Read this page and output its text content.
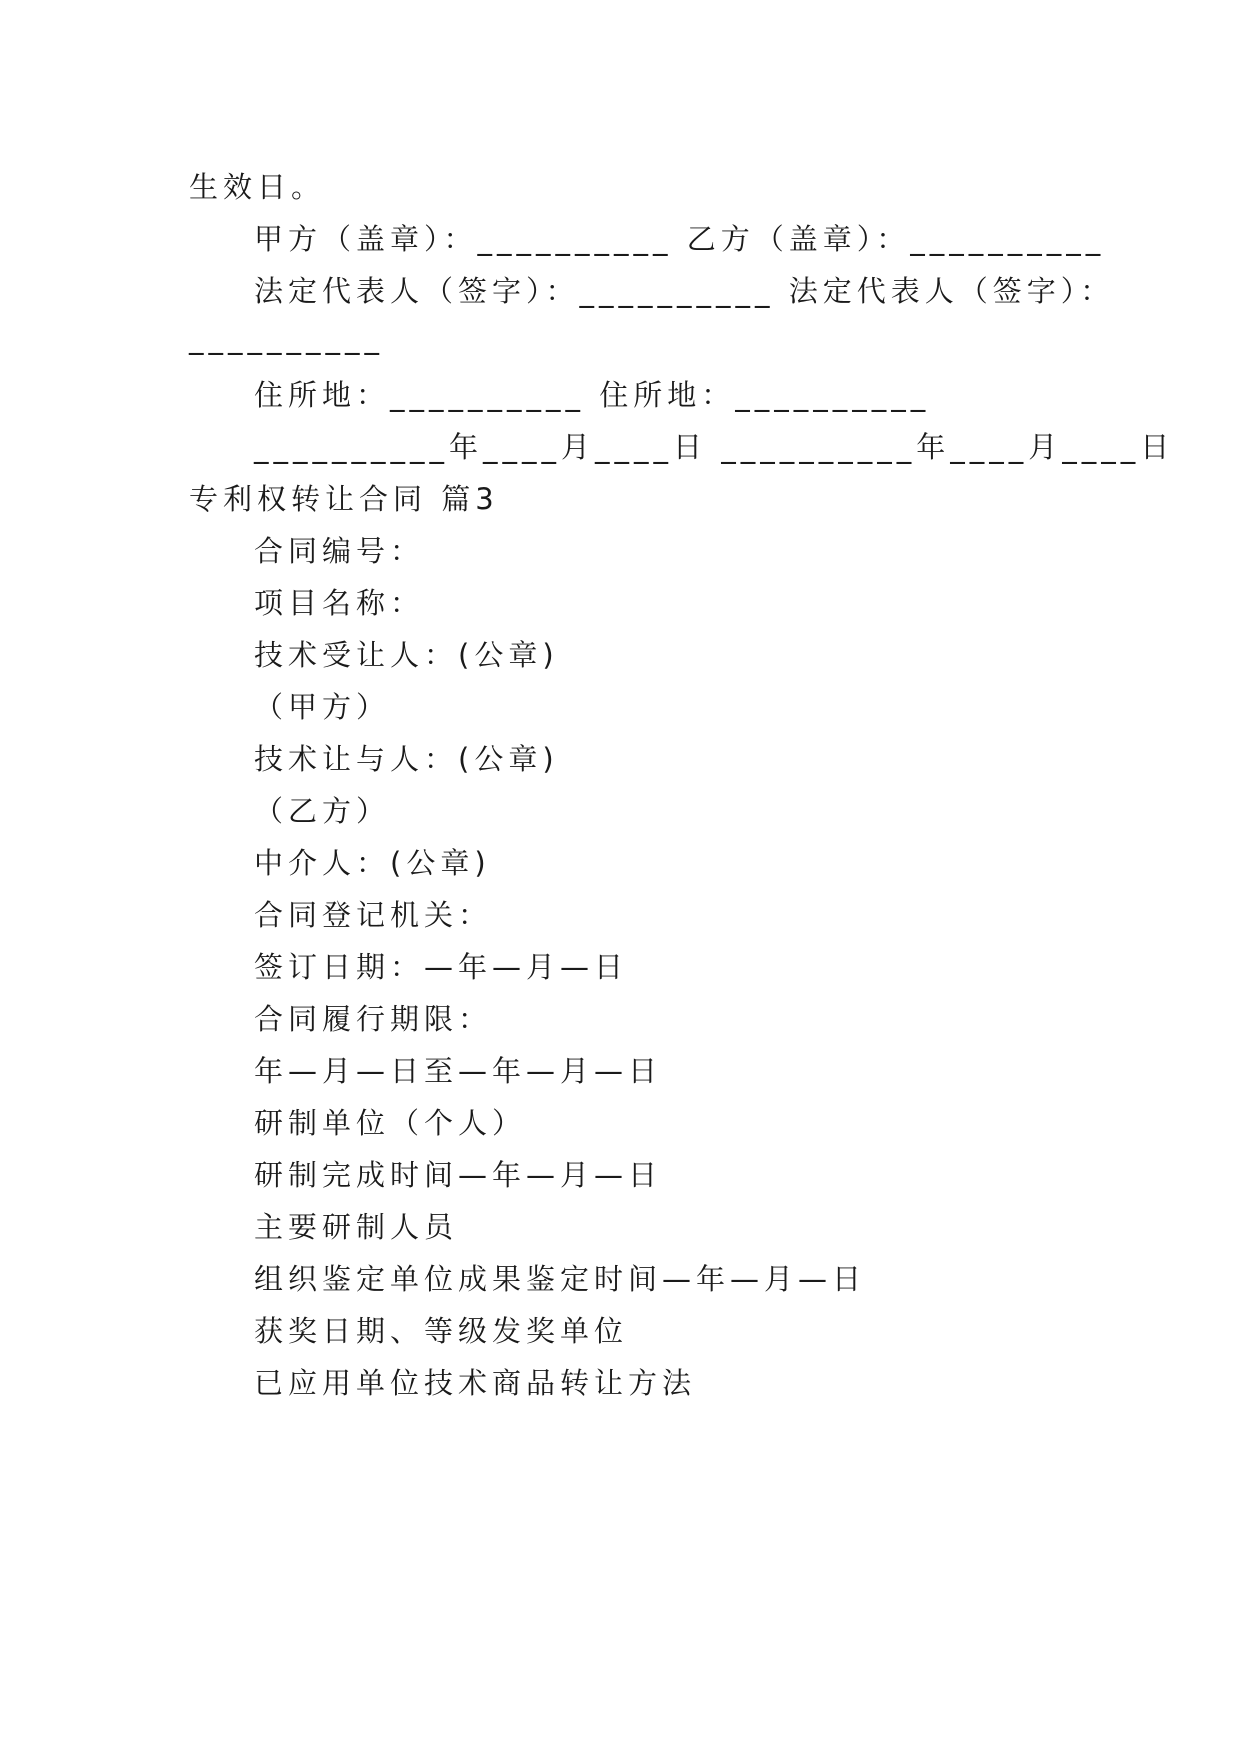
生效日。
甲方（盖章）：__________ 乙方（盖章）：__________
法定代表人（签字）：__________ 法定代表人（签字）：
__________
住所地：__________ 住所地：__________
__________年____月____日 __________年____月____日
专利权转让合同 篇3
合同编号：
项目名称：
技术受让人：(公章)
（甲方）
技术让与人：(公章)
（乙方）
中介人：(公章)
合同登记机关：
签订日期：—年—月—日
合同履行期限：
年—月—日至—年—月—日
研制单位（个人）
研制完成时间—年—月—日
主要研制人员
组织鉴定单位成果鉴定时间—年—月—日
获奖日期、等级发奖单位
已应用单位技术商品转让方法
